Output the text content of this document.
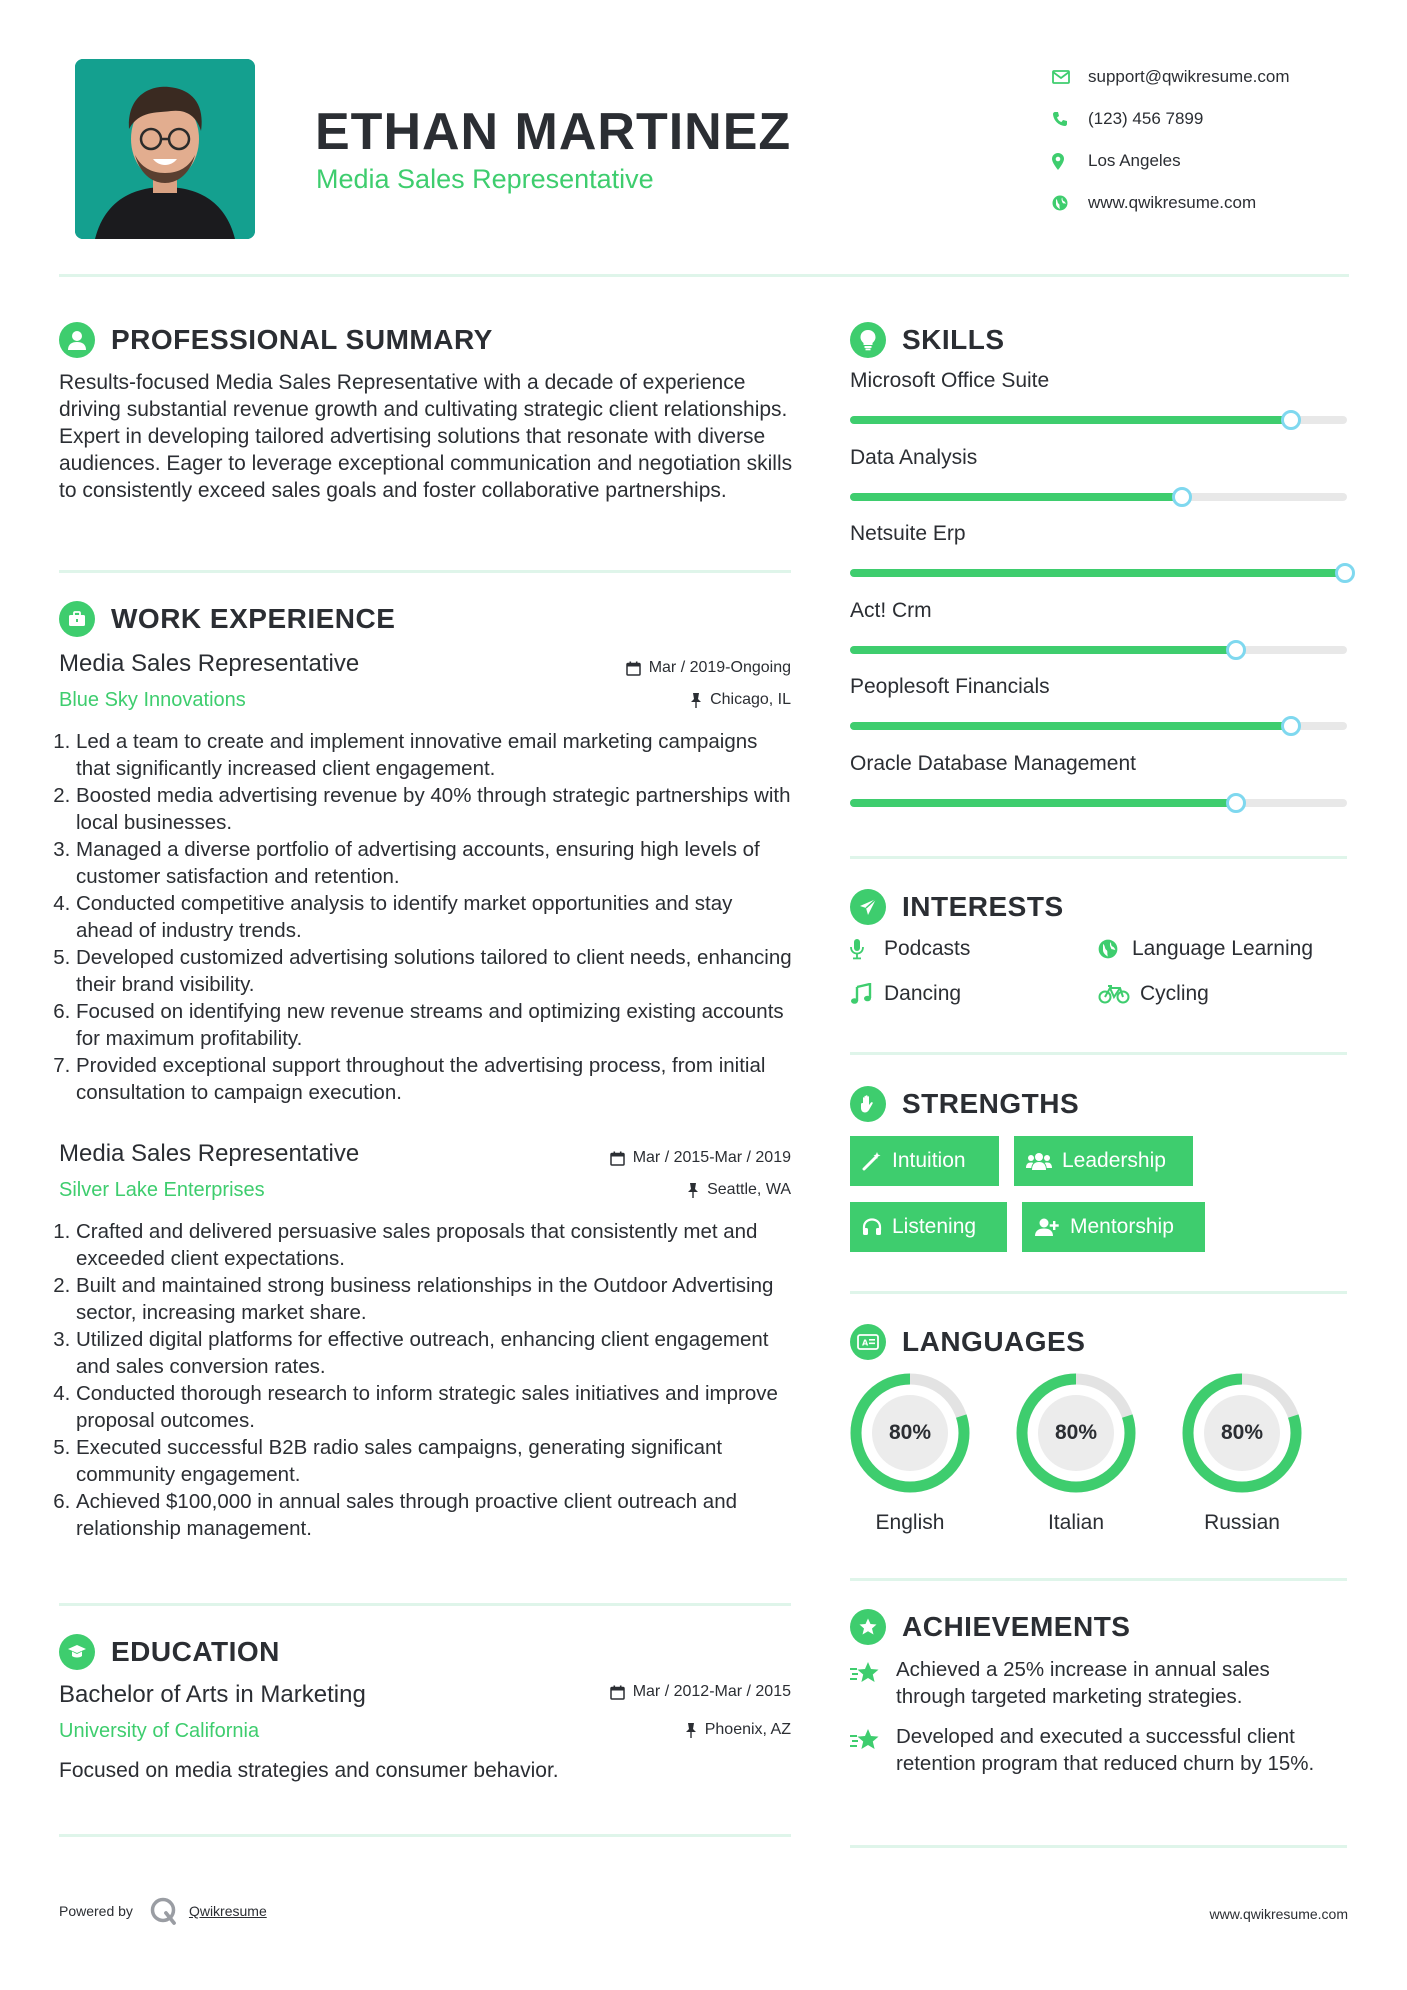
ETHAN MARTINEZ
Media Sales Representative
support@qwikresume.com
(123) 456 7899
Los Angeles
www.qwikresume.com
PROFESSIONAL SUMMARY
Results-focused Media Sales Representative with a decade of experience driving substantial revenue growth and cultivating strategic client relationships. Expert in developing tailored advertising solutions that resonate with diverse audiences. Eager to leverage exceptional communication and negotiation skills to consistently exceed sales goals and foster collaborative partnerships.
WORK EXPERIENCE
Media Sales Representative
Blue Sky Innovations
Mar / 2019-Ongoing
Chicago, IL
1. Led a team to create and implement innovative email marketing campaigns that significantly increased client engagement.
2. Boosted media advertising revenue by 40% through strategic partnerships with local businesses.
3. Managed a diverse portfolio of advertising accounts, ensuring high levels of customer satisfaction and retention.
4. Conducted competitive analysis to identify market opportunities and stay ahead of industry trends.
5. Developed customized advertising solutions tailored to client needs, enhancing their brand visibility.
6. Focused on identifying new revenue streams and optimizing existing accounts for maximum profitability.
7. Provided exceptional support throughout the advertising process, from initial consultation to campaign execution.
Media Sales Representative
Silver Lake Enterprises
Mar / 2015-Mar / 2019
Seattle, WA
1. Crafted and delivered persuasive sales proposals that consistently met and exceeded client expectations.
2. Built and maintained strong business relationships in the Outdoor Advertising sector, increasing market share.
3. Utilized digital platforms for effective outreach, enhancing client engagement and sales conversion rates.
4. Conducted thorough research to inform strategic sales initiatives and improve proposal outcomes.
5. Executed successful B2B radio sales campaigns, generating significant community engagement.
6. Achieved $100,000 in annual sales through proactive client outreach and relationship management.
EDUCATION
Bachelor of Arts in Marketing
University of California
Mar / 2012-Mar / 2015
Phoenix, AZ
Focused on media strategies and consumer behavior.
SKILLS
Microsoft Office Suite
Data Analysis
Netsuite Erp
Act! Crm
Peoplesoft Financials
Oracle Database Management
INTERESTS
Podcasts	Language Learning
Dancing	Cycling
STRENGTHS
Intuition	Leadership
Listening	Mentorship
A LANGUAGES
80%
English
80%
Italian
80%
Russian
ACHIEVEMENTS
Achieved a 25% increase in annual sales through targeted marketing strategies.
Developed and executed a successful client retention program that reduced churn by 15%.
Powered by	Qwikresume	www.qwikresume.com
